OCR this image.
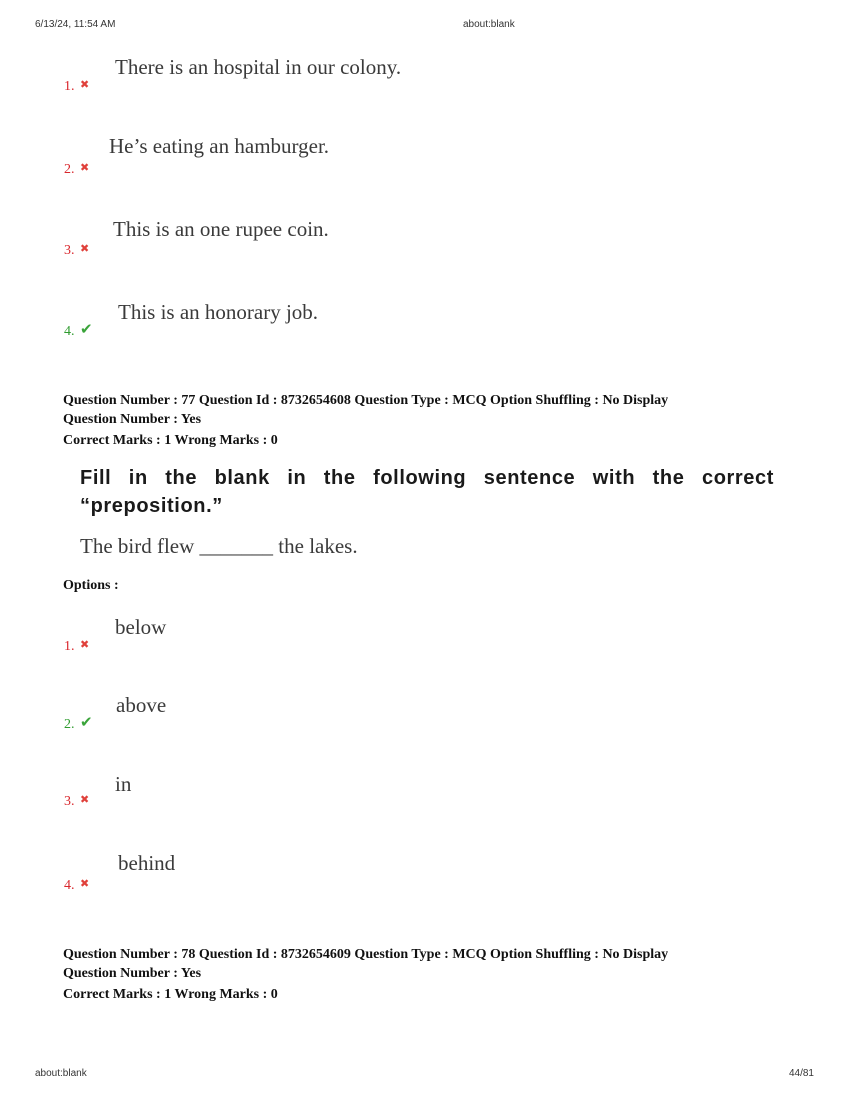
6/13/24, 11:54 AM	about:blank
There is an hospital in our colony.
1. ✖
He’s eating an hamburger.
2. ✖
This is an one rupee coin.
3. ✖
This is an honorary job.
4. ✔
Question Number : 77 Question Id : 8732654608 Question Type : MCQ Option Shuffling : No Display
Question Number : Yes
Correct Marks : 1 Wrong Marks : 0
Fill in the blank in the following sentence with the correct “preposition.”
The bird flew _______ the lakes.
Options :
below
1. ✖
above
2. ✔
in
3. ✖
behind
4. ✖
Question Number : 78 Question Id : 8732654609 Question Type : MCQ Option Shuffling : No Display
Question Number : Yes
Correct Marks : 1 Wrong Marks : 0
about:blank	44/81
